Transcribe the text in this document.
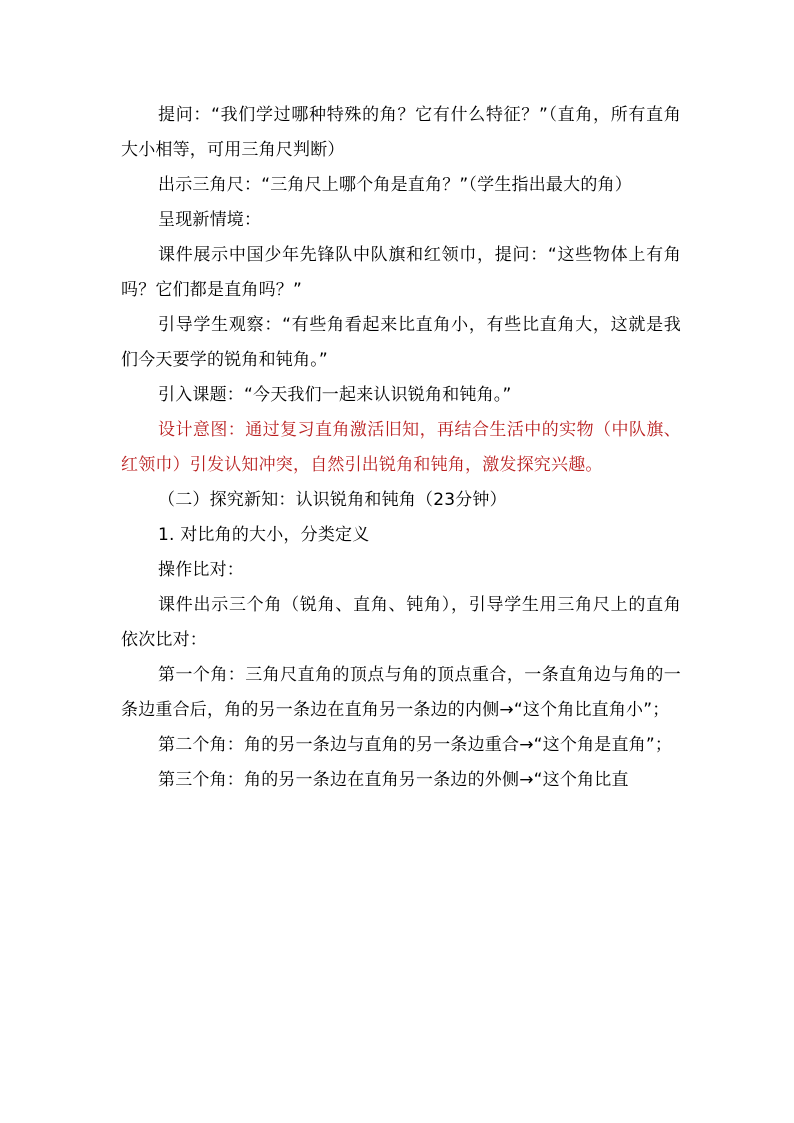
提问：“我们学过哪种特殊的角？它有什么特征？”（直角，所有直角大小相等，可用三角尺判断）

出示三角尺：“三角尺上哪个角是直角？”（学生指出最大的角）

呈现新情境：

课件展示中国少年先锋队中队旗和红领巾，提问：“这些物体上有角吗？它们都是直角吗？”

引导学生观察：“有些角看起来比直角小，有些比直角大，这就是我们今天要学的锐角和钝角。”

引入课题：“今天我们一起来认识锐角和钝角。”

设计意图：通过复习直角激活旧知，再结合生活中的实物（中队旗、红领巾）引发认知冲突，自然引出锐角和钝角，激发探究兴趣。

（二）探究新知：认识锐角和钝角（23分钟）

1. 对比角的大小，分类定义

操作比对：

课件出示三个角（锐角、直角、钝角），引导学生用三角尺上的直角依次比对：

第一个角：三角尺直角的顶点与角的顶点重合，一条直角边与角的一条边重合后，角的另一条边在直角另一条边的内侧→“这个角比直角小”；

第二个角：角的另一条边与直角的另一条边重合→“这个角是直角”；

第三个角：角的另一条边在直角另一条边的外侧→“这个角比直
